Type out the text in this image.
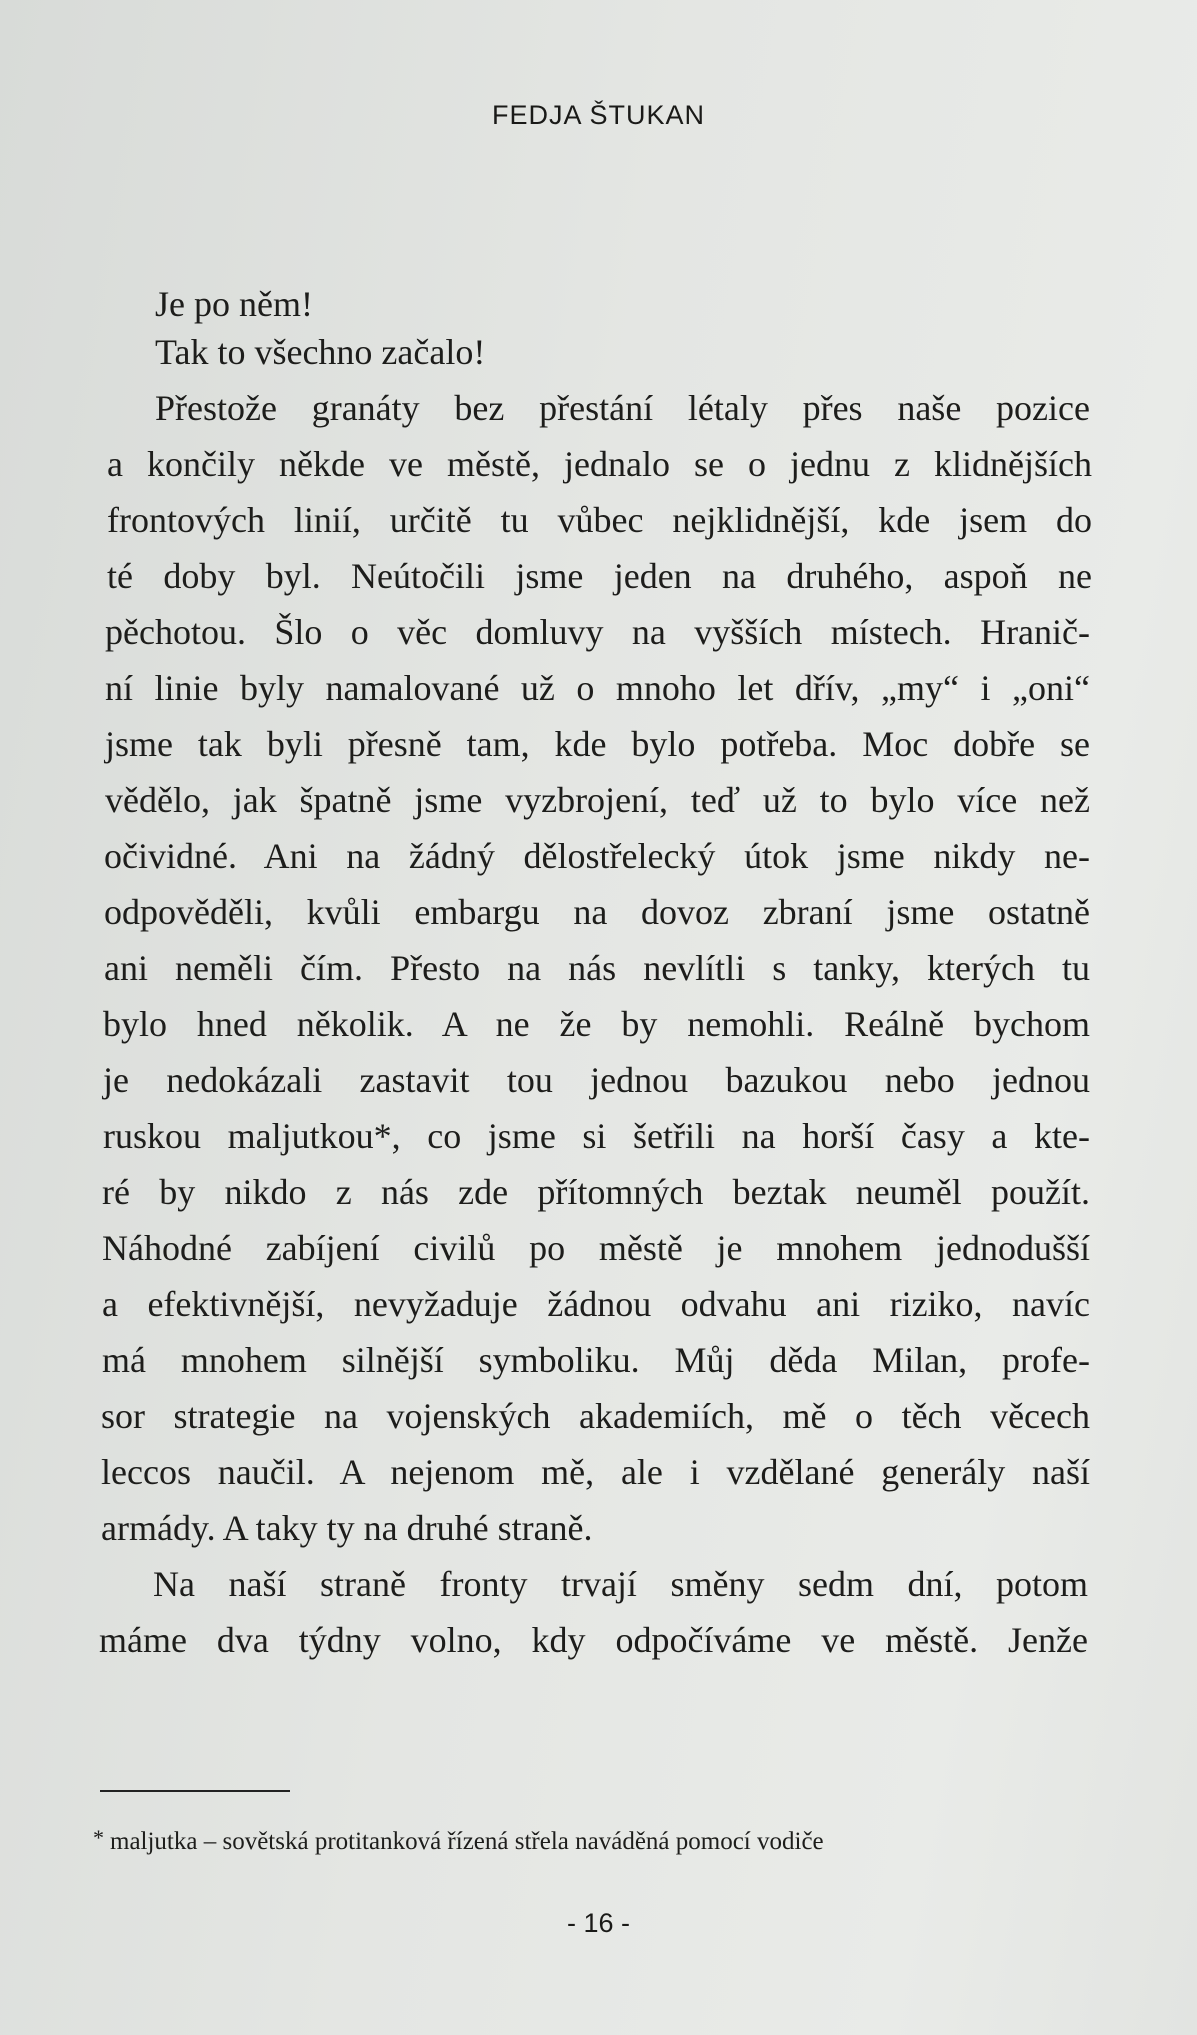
FEDJA ŠTUKAN
Je po něm!
Tak to všechno začalo!
Přestože granáty bez přestání létaly přes naše pozice
a končily někde ve městě, jednalo se o jednu z klidnějších
frontových linií, určitě tu vůbec nejklidnější, kde jsem do
té doby byl. Neútočili jsme jeden na druhého, aspoň ne
pěchotou. Šlo o věc domluvy na vyšších místech. Hranič-
ní linie byly namalované už o mnoho let dřív, „my“ i „oni“
jsme tak byli přesně tam, kde bylo potřeba. Moc dobře se
vědělo, jak špatně jsme vyzbrojení, teď už to bylo více než
očividné. Ani na žádný dělostřelecký útok jsme nikdy ne-
odpověděli, kvůli embargu na dovoz zbraní jsme ostatně
ani neměli čím. Přesto na nás nevlítli s tanky, kterých tu
bylo hned několik. A ne že by nemohli. Reálně bychom
je nedokázali zastavit tou jednou bazukou nebo jednou
ruskou maljutkou*, co jsme si šetřili na horší časy a kte-
ré by nikdo z nás zde přítomných beztak neuměl použít.
Náhodné zabíjení civilů po městě je mnohem jednodušší
a efektivnější, nevyžaduje žádnou odvahu ani riziko, navíc
má mnohem silnější symboliku. Můj děda Milan, profe-
sor strategie na vojenských akademiích, mě o těch věcech
leccos naučil. A nejenom mě, ale i vzdělané generály naší
armády. A taky ty na druhé straně.
Na naší straně fronty trvají směny sedm dní, potom
máme dva týdny volno, kdy odpočíváme ve městě. Jenže
* maljutka – sovětská protitanková řízená střela naváděná pomocí vodiče
- 16 -
